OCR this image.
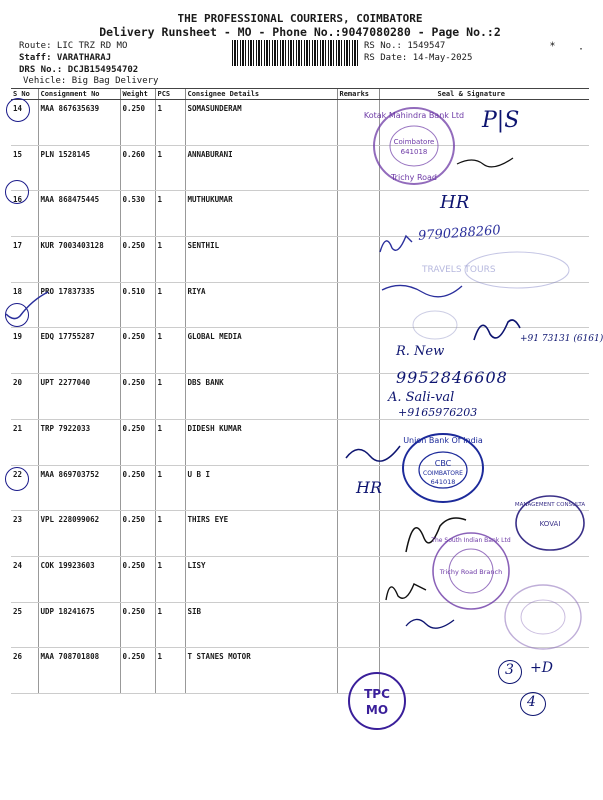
THE PROFESSIONAL COURIERS, COIMBATORE
Delivery Runsheet - MO - Phone No.:9047080280 - Page No.:2
Route: LIC TRZ RD MO
Staff: VARATHARAJ
DRS No.: DCJB154954702
Vehicle: Big Bag Delivery
RS No.: 1549547
RS Date: 14-May-2025
⁎
·
S No	Consignment No	Weight	PCS	Consignee Details	Remarks	Seal & Signature
14	MAA 867635639	0.250	1	SOMASUNDERAM		
15	PLN 1528145	0.260	1	ANNABURANI		
16	MAA 868475445	0.530	1	MUTHUKUMAR		
17	KUR 7003403128	0.250	1	SENTHIL		
18	PRO 17837335	0.510	1	RIYA		
19	EDQ 17755287	0.250	1	GLOBAL MEDIA		
20	UPT 2277040	0.250	1	DBS BANK		
21	TRP 7922033	0.250	1	DIDESH KUMAR		
22	MAA 869703752	0.250	1	U B I		
23	VPL 228099062	0.250	1	THIRS EYE		
24	COK 19923603	0.250	1	LISY		
25	UDP 18241675	0.250	1	SIB		
26	MAA 708701808	0.250	1	T STANES MOTOR		
Kotak Mahindra Bank Ltd
Coimbatore
641018
Trichy Road
P|S
HR
9790288260
TRAVELS TOURS
+91 73131 (6161)
R. New
9952846608
A. Sali-val
+9165976203
Union Bank Of India
CBC
COIMBATORE
641018
HR
MANAGEMENT CONSULTA
KOVAI
The South Indian Bank Ltd
Trichy Road Branch
TPC
MO
3 +D
4
